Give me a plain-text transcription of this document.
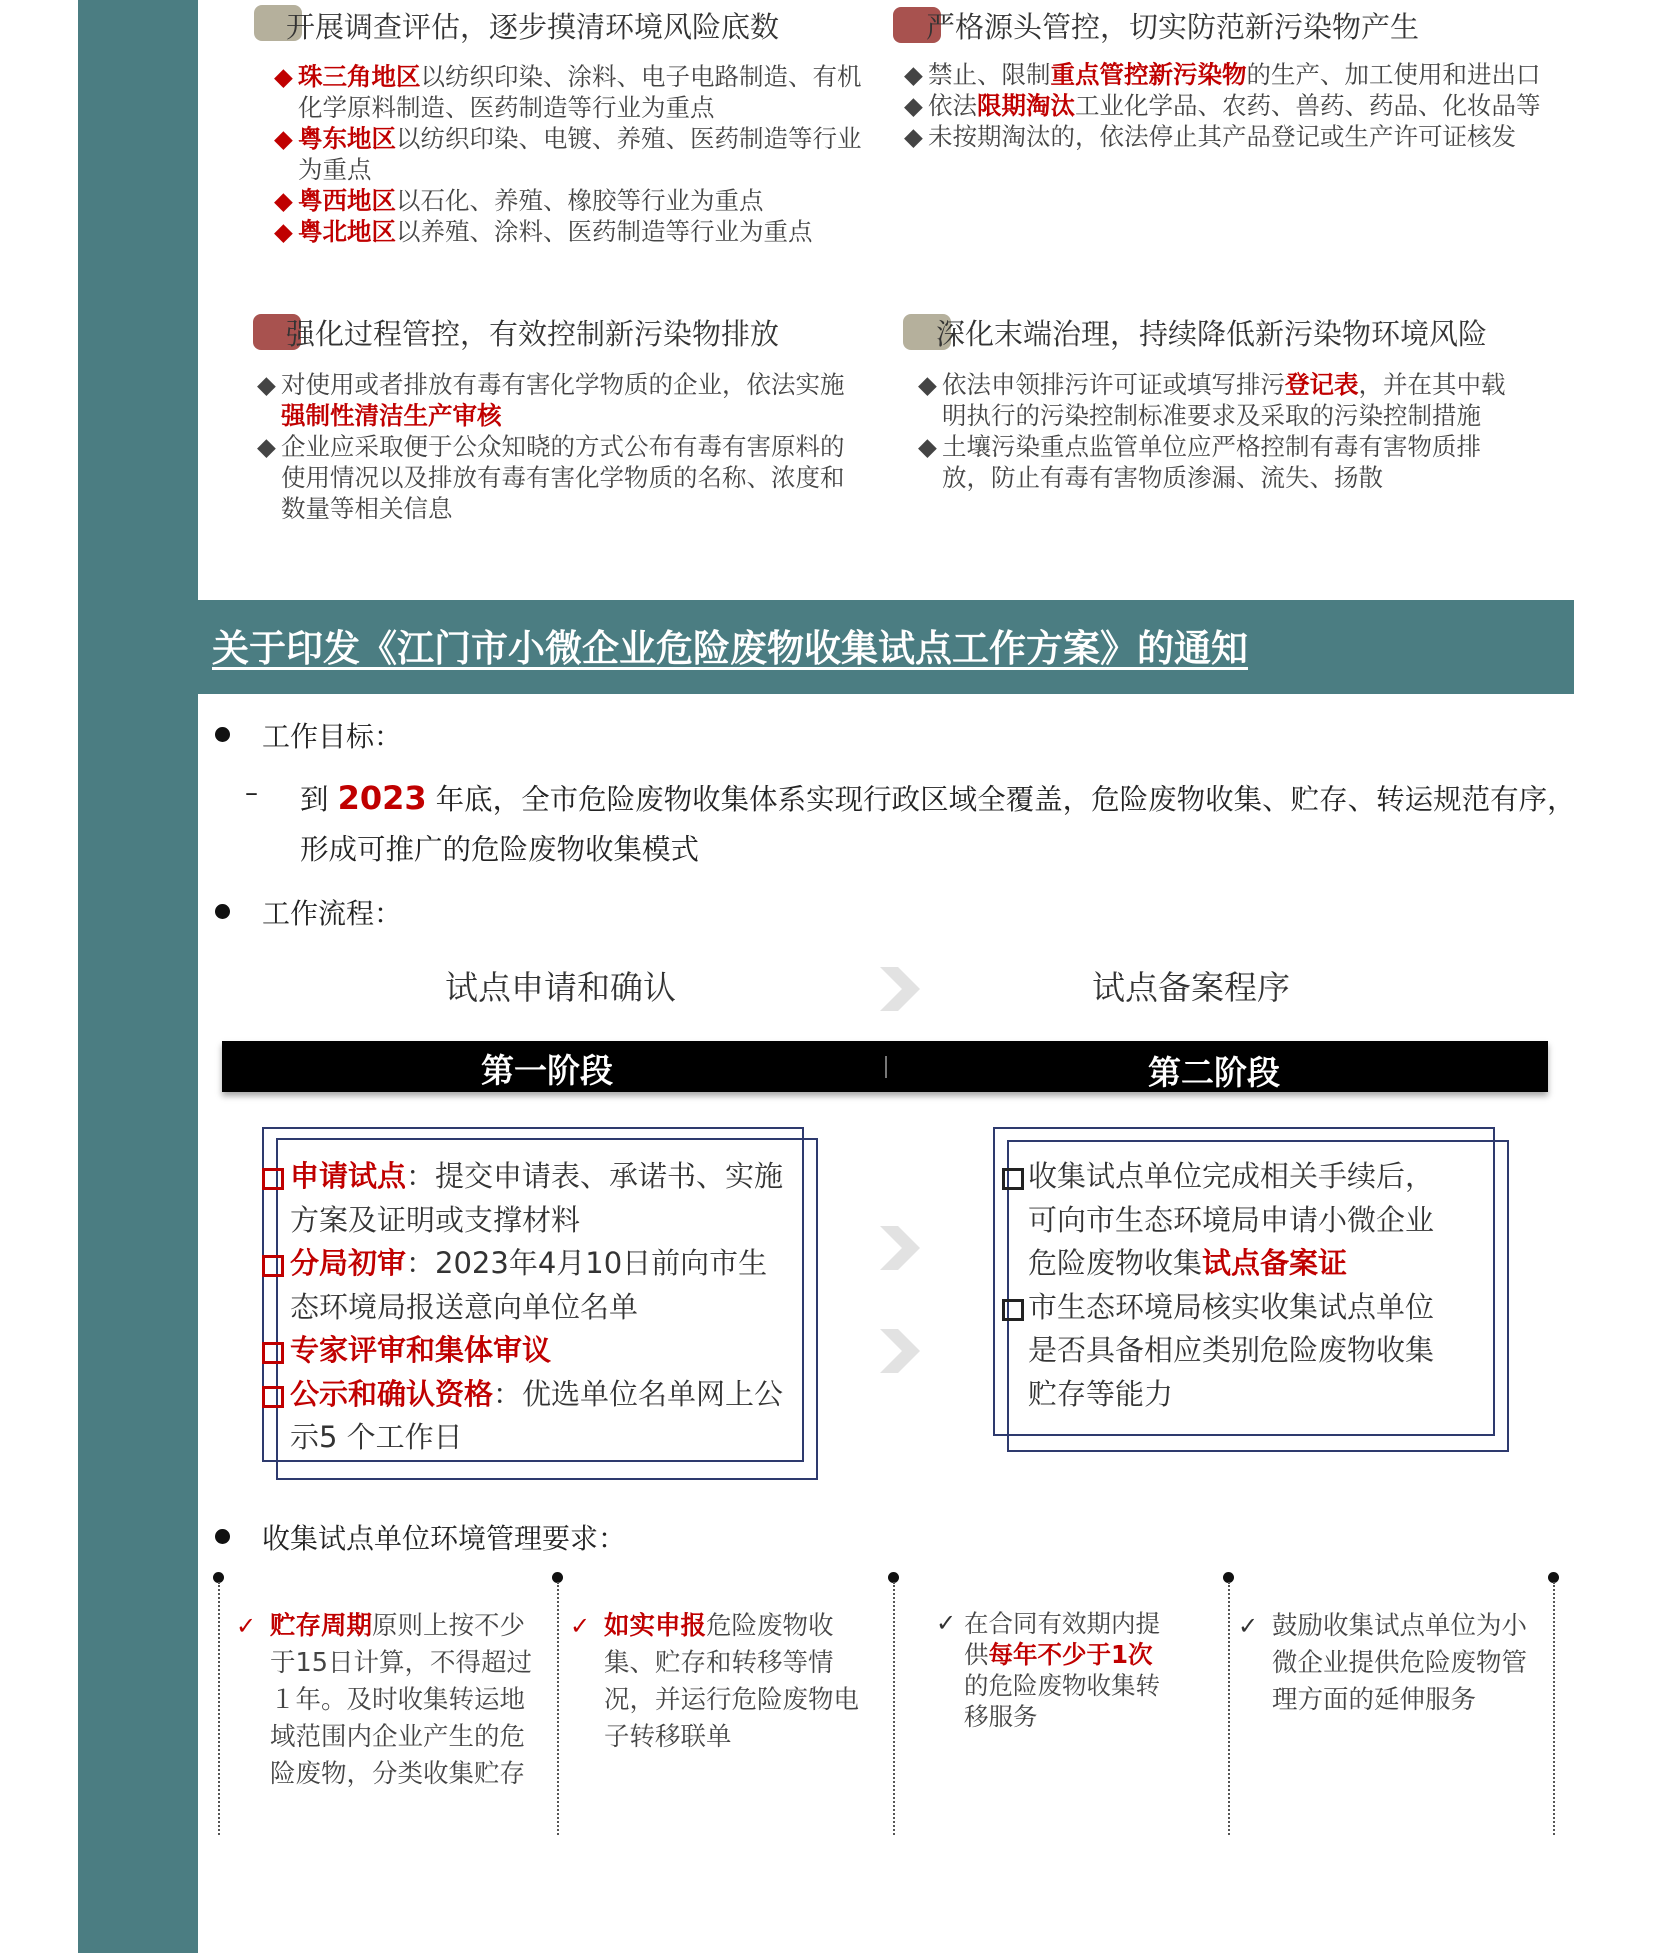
开展调查评估，逐步摸清环境风险底数
◆ 珠三角地区以纺织印染、涂料、电子电路制造、有机化学原料制造、医药制造等行业为重点
◆ 粤东地区以纺织印染、电镀、养殖、医药制造等行业为重点
◆ 粤西地区以石化、养殖、橡胶等行业为重点
◆ 粤北地区以养殖、涂料、医药制造等行业为重点
严格源头管控，切实防范新污染物产生
◆ 禁止、限制重点管控新污染物的生产、加工使用和进出口
◆ 依法限期淘汰工业化学品、农药、兽药、药品、化妆品等
◆ 未按期淘汰的，依法停止其产品登记或生产许可证核发
强化过程管控，有效控制新污染物排放
◆ 对使用或者排放有毒有害化学物质的企业，依法实施强制性清洁生产审核
◆ 企业应采取便于公众知晓的方式公布有毒有害原料的使用情况以及排放有毒有害化学物质的名称、浓度和数量等相关信息
深化末端治理，持续降低新污染物环境风险
◆ 依法申领排污许可证或填写排污登记表，并在其中载明执行的污染控制标准要求及采取的污染控制措施
◆ 土壤污染重点监管单位应严格控制有毒有害物质排放，防止有毒有害物质渗漏、流失、扬散
关于印发《江门市小微企业危险废物收集试点工作方案》的通知
工作目标：
– 到 2023 年底，全市危险废物收集体系实现行政区域全覆盖，危险废物收集、贮存、转运规范有序，形成可推广的危险废物收集模式
工作流程：
试点申请和确认	试点备案程序
第一阶段	第二阶段
申请试点：提交申请表、承诺书、实施方案及证明或支撑材料
分局初审：2023年4月10日前向市生态环境局报送意向单位名单
专家评审和集体审议
公示和确认资格：优选单位名单网上公示5 个工作日
收集试点单位完成相关手续后，可向市生态环境局申请小微企业危险废物收集试点备案证
市生态环境局核实收集试点单位是否具备相应类别危险废物收集贮存等能力
收集试点单位环境管理要求：
✓ 贮存周期原则上按不少于15日计算，不得超过１年。及时收集转运地域范围内企业产生的危险废物，分类收集贮存
✓ 如实申报危险废物收集、贮存和转移等情况，并运行危险废物电子转移联单
✓ 在合同有效期内提供每年不少于1次的危险废物收集转移服务
✓ 鼓励收集试点单位为小微企业提供危险废物管理方面的延伸服务
